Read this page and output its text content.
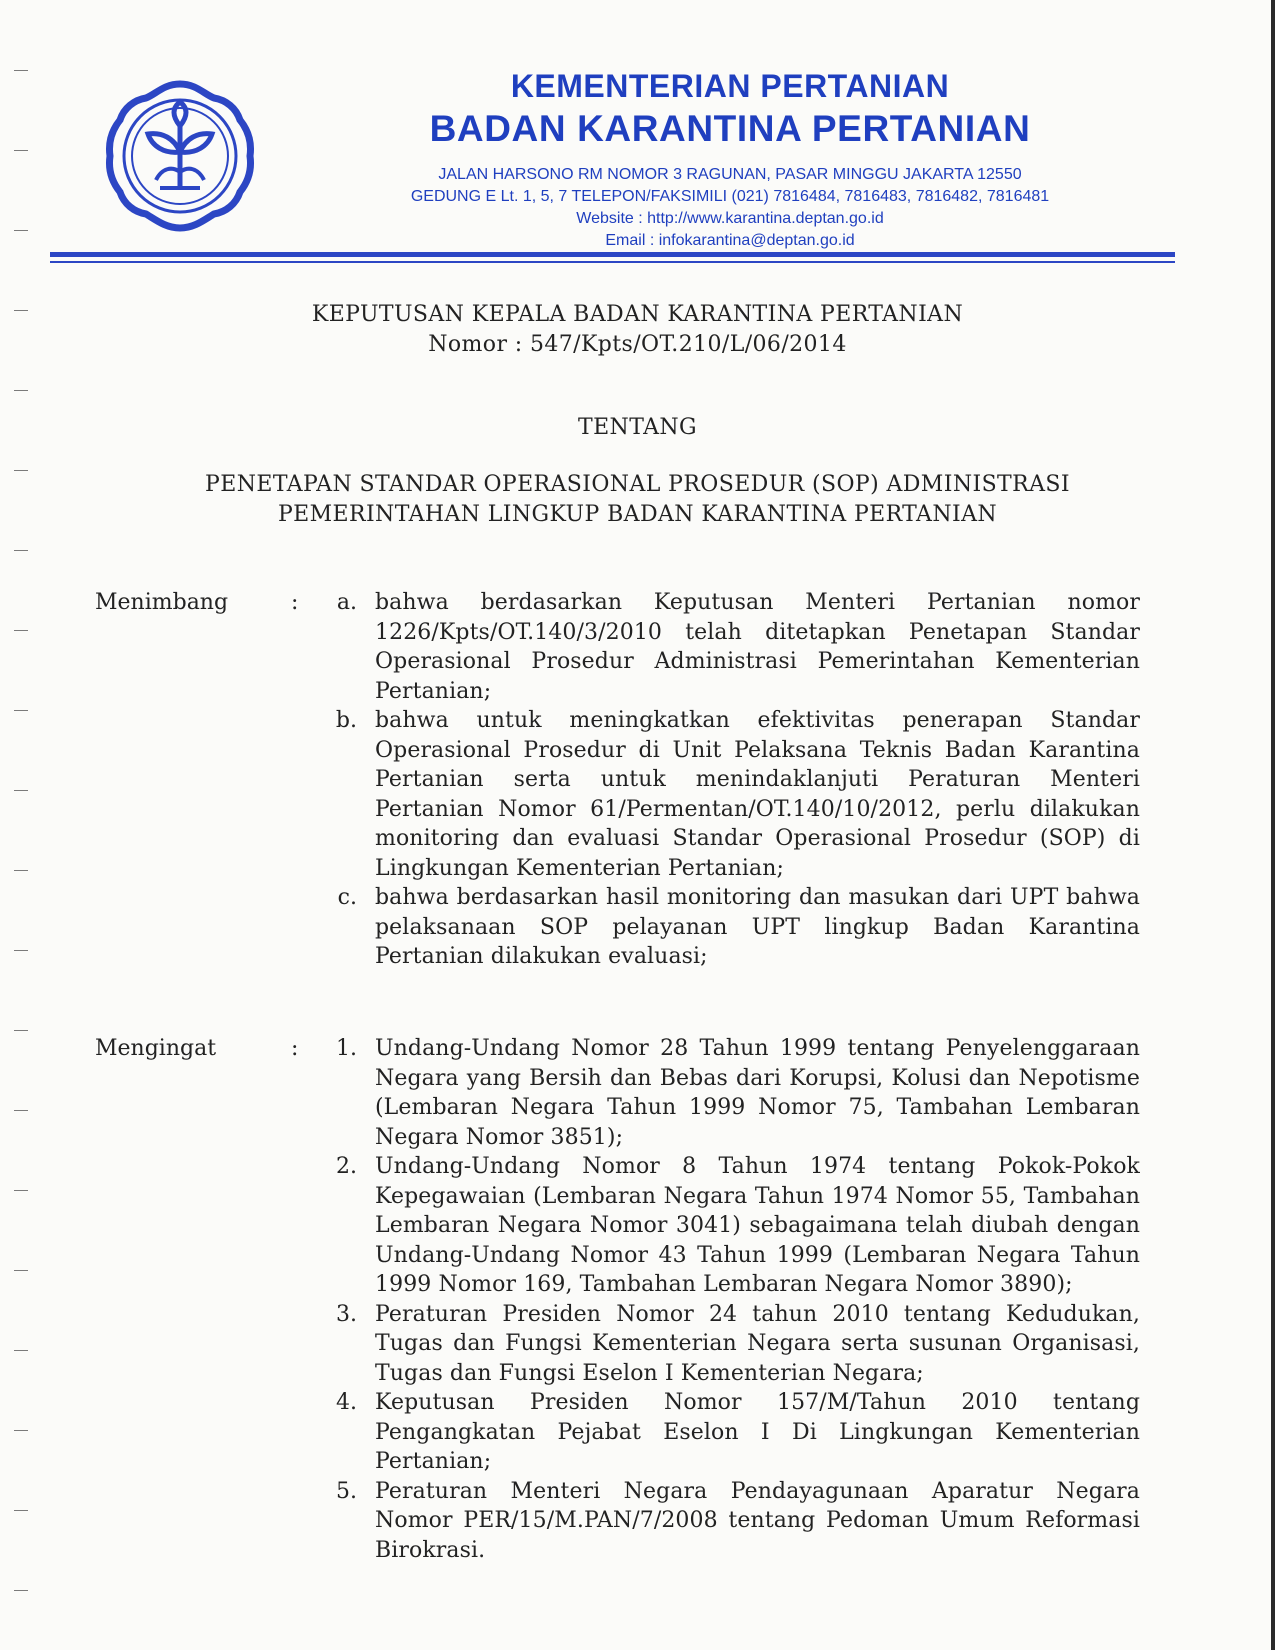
KEMENTERIAN PERTANIAN

BADAN KARANTINA PERTANIAN

JALAN HARSONO RM NOMOR 3 RAGUNAN, PASAR MINGGU JAKARTA 12550

GEDUNG E Lt. 1, 5, 7 TELEPON/FAKSIMILI (021) 7816484, 7816483, 7816482, 7816481

Website : http://www.karantina.deptan.go.id

Email : infokarantina@deptan.go.id

KEPUTUSAN KEPALA BADAN KARANTINA PERTANIAN
Nomor : 547/Kpts/OT.210/L/06/2014
TENTANG
PENETAPAN STANDAR OPERASIONAL PROSEDUR (SOP) ADMINISTRASI
PEMERINTAHAN LINGKUP BADAN KARANTINA PERTANIAN
Menimbang	:	a. bahwa berdasarkan Keputusan Menteri Pertanian nomor 1226/Kpts/OT.140/3/2010 telah ditetapkan Penetapan Standar Operasional Prosedur Administrasi Pemerintahan Kementerian Pertanian;
b. bahwa untuk meningkatkan efektivitas penerapan Standar Operasional Prosedur di Unit Pelaksana Teknis Badan Karantina Pertanian serta untuk menindaklanjuti Peraturan Menteri Pertanian Nomor 61/Permentan/OT.140/10/2012, perlu dilakukan monitoring dan evaluasi Standar Operasional Prosedur (SOP) di Lingkungan Kementerian Pertanian;
c. bahwa berdasarkan hasil monitoring dan masukan dari UPT bahwa pelaksanaan SOP pelayanan UPT lingkup Badan Karantina Pertanian dilakukan evaluasi;
Mengingat	:	1. Undang-Undang Nomor 28 Tahun 1999 tentang Penyelenggaraan Negara yang Bersih dan Bebas dari Korupsi, Kolusi dan Nepotisme (Lembaran Negara Tahun 1999 Nomor 75, Tambahan Lembaran Negara Nomor 3851);
2. Undang-Undang Nomor 8 Tahun 1974 tentang Pokok-Pokok Kepegawaian (Lembaran Negara Tahun 1974 Nomor 55, Tambahan Lembaran Negara Nomor 3041) sebagaimana telah diubah dengan Undang-Undang Nomor 43 Tahun 1999 (Lembaran Negara Tahun 1999 Nomor 169, Tambahan Lembaran Negara Nomor 3890);
3. Peraturan Presiden Nomor 24 tahun 2010 tentang Kedudukan, Tugas dan Fungsi Kementerian Negara serta susunan Organisasi, Tugas dan Fungsi Eselon I Kementerian Negara;
4. Keputusan Presiden Nomor 157/M/Tahun 2010 tentang Pengangkatan Pejabat Eselon I Di Lingkungan Kementerian Pertanian;
5. Peraturan Menteri Negara Pendayagunaan Aparatur Negara Nomor PER/15/M.PAN/7/2008 tentang Pedoman Umum Reformasi Birokrasi.
